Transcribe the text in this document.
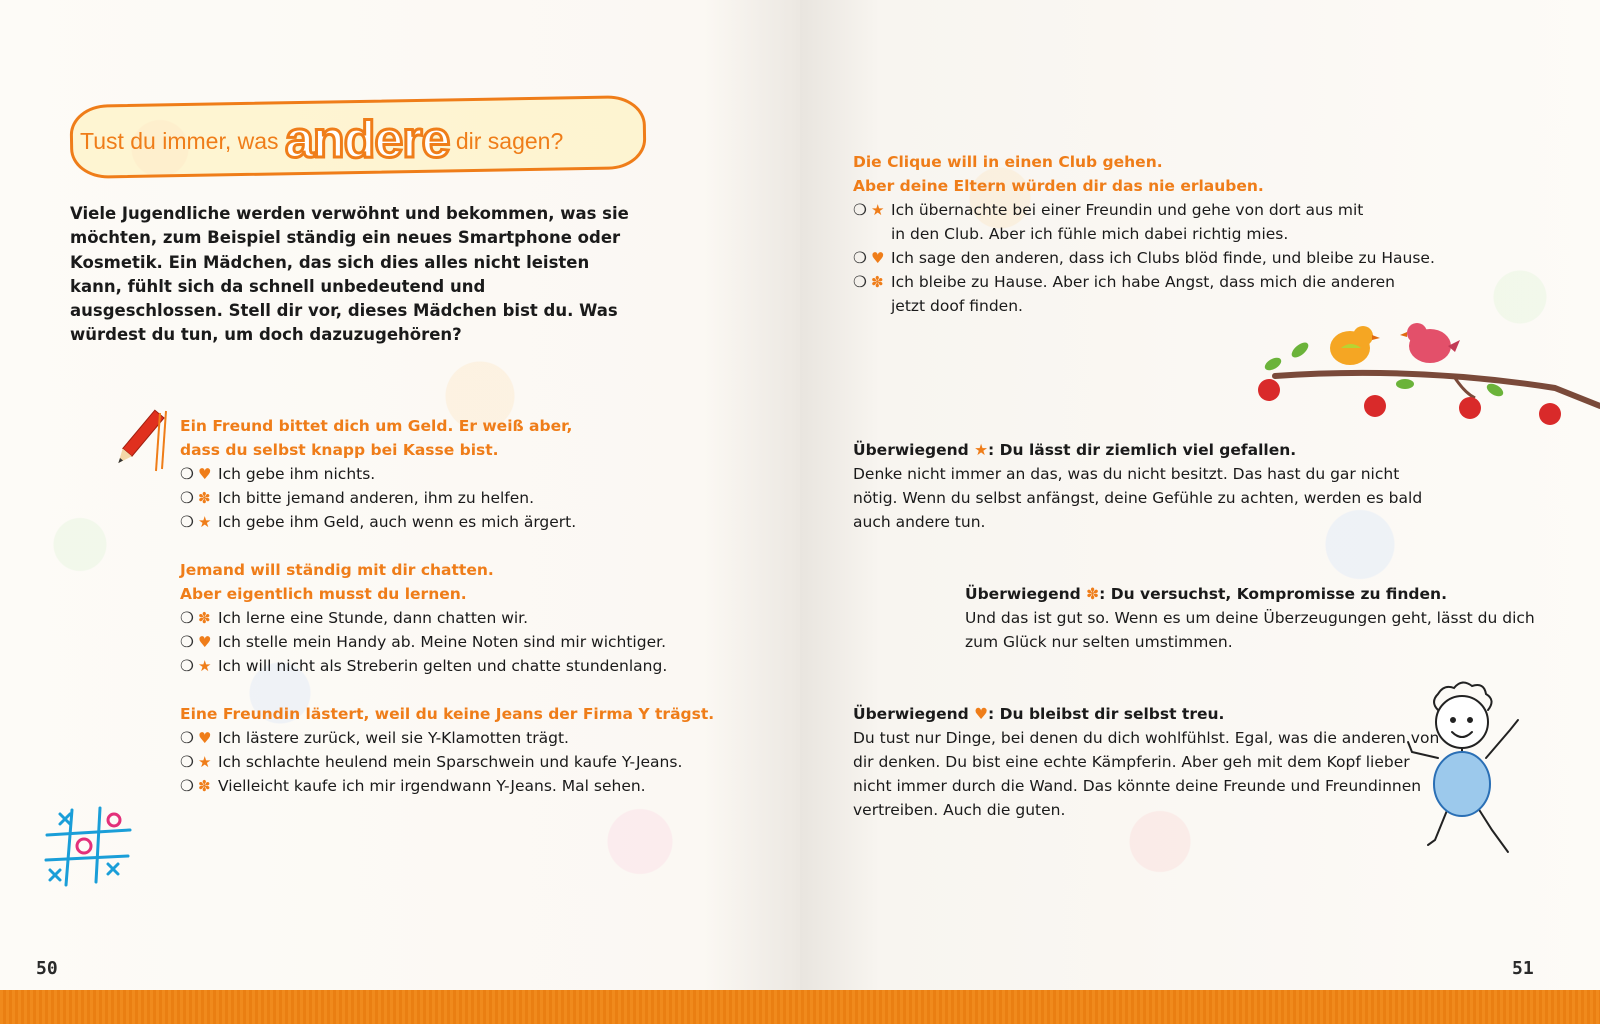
Tust du immer, was andere dir sagen?
Viele Jugendliche werden verwöhnt und bekommen, was sie möchten, zum Beispiel ständig ein neues Smartphone oder Kosmetik. Ein Mädchen, das sich dies alles nicht leisten kann, fühlt sich da schnell unbedeutend und ausgeschlossen. Stell dir vor, dieses Mädchen bist du. Was würdest du tun, um doch dazuzugehören?
Ein Freund bittet dich um Geld. Er weiß aber,
dass du selbst knapp bei Kasse bist.
❍ ♥ Ich gebe ihm nichts.
❍ ✽ Ich bitte jemand anderen, ihm zu helfen.
❍ ★ Ich gebe ihm Geld, auch wenn es mich ärgert.
Jemand will ständig mit dir chatten.
Aber eigentlich musst du lernen.
❍ ✽ Ich lerne eine Stunde, dann chatten wir.
❍ ♥ Ich stelle mein Handy ab. Meine Noten sind mir wichtiger.
❍ ★ Ich will nicht als Streberin gelten und chatte stundenlang.
Eine Freundin lästert, weil du keine Jeans der Firma Y trägst.
❍ ♥ Ich lästere zurück, weil sie Y-Klamotten trägt.
❍ ★ Ich schlachte heulend mein Sparschwein und kaufe Y-Jeans.
❍ ✽ Vielleicht kaufe ich mir irgendwann Y-Jeans. Mal sehen.
50
Die Clique will in einen Club gehen.
Aber deine Eltern würden dir das nie erlauben.
❍ ★ Ich übernachte bei einer Freundin und gehe von dort aus mit
in den Club. Aber ich fühle mich dabei richtig mies.
❍ ♥ Ich sage den anderen, dass ich Clubs blöd finde, und bleibe zu Hause.
❍ ✽ Ich bleibe zu Hause. Aber ich habe Angst, dass mich die anderen
jetzt doof finden.
Überwiegend ★: Du lässt dir ziemlich viel gefallen.
Denke nicht immer an das, was du nicht besitzt. Das hast du gar nicht
nötig. Wenn du selbst anfängst, deine Gefühle zu achten, werden es bald
auch andere tun.
Überwiegend ✽: Du versuchst, Kompromisse zu finden.
Und das ist gut so. Wenn es um deine Überzeugungen geht, lässt du dich
zum Glück nur selten umstimmen.
Überwiegend ♥: Du bleibst dir selbst treu.
Du tust nur Dinge, bei denen du dich wohlfühlst. Egal, was die anderen von
dir denken. Du bist eine echte Kämpferin. Aber geh mit dem Kopf lieber
nicht immer durch die Wand. Das könnte deine Freunde und Freundinnen
vertreiben. Auch die guten.
51
